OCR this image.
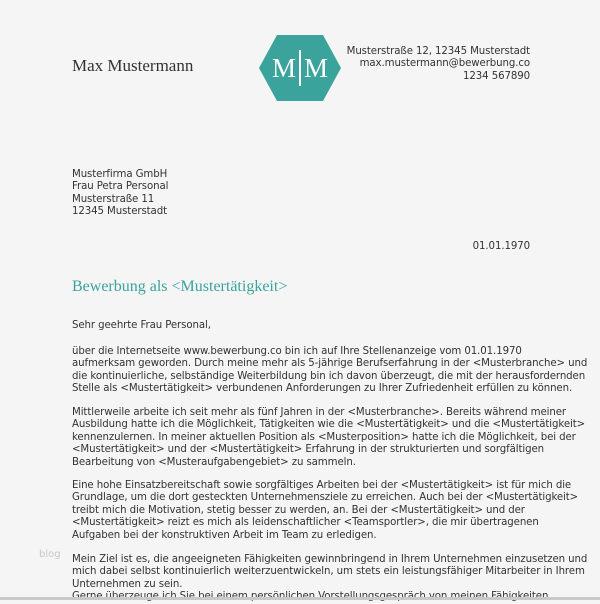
Max Mustermann	M M
Musterstraße 12, 12345 Musterstadt
max.mustermann@bewerbung.co
1234 567890
Musterfirma GmbH
Frau Petra Personal
Musterstraße 11
12345 Musterstadt
01.01.1970
Bewerbung als <Mustertätigkeit>
Sehr geehrte Frau Personal,
über die Internetseite www.bewerbung.co bin ich auf Ihre Stellenanzeige vom 01.01.1970
aufmerksam geworden. Durch meine mehr als 5-jährige Berufserfahrung in der <Musterbranche> und
die kontinuierliche, selbständige Weiterbildung bin ich davon überzeugt, die mit der herausfordernden
Stelle als <Mustertätigkeit> verbundenen Anforderungen zu Ihrer Zufriedenheit erfüllen zu können.
Mittlerweile arbeite ich seit mehr als fünf Jahren in der <Musterbranche>. Bereits während meiner
Ausbildung hatte ich die Möglichkeit, Tätigkeiten wie die <Mustertätigkeit> und die <Mustertätigkeit>
kennenzulernen. In meiner aktuellen Position als <Musterposition> hatte ich die Möglichkeit, bei der
<Mustertätigkeit> und der <Mustertätigkeit> Erfahrung in der strukturierten und sorgfältigen
Bearbeitung von <Musteraufgabengebiet> zu sammeln.
Eine hohe Einsatzbereitschaft sowie sorgfältiges Arbeiten bei der <Mustertätigkeit> ist für mich die
Grundlage, um die dort gesteckten Unternehmensziele zu erreichen. Auch bei der <Mustertätigkeit>
treibt mich die Motivation, stetig besser zu werden, an. Bei der <Mustertätigkeit> und der
<Mustertätigkeit> reizt es mich als leidenschaftlicher <Teamsportler>, die mir übertragenen
Aufgaben bei der konstruktiven Arbeit im Team zu erledigen.
blog Mein Ziel ist es, die angeeigneten Fähigkeiten gewinnbringend in Ihrem Unternehmen einzusetzen und
mich dabei selbst kontinuierlich weiterzuentwickeln, um stets ein leistungsfähiger Mitarbeiter in Ihrem
Unternehmen zu sein.
